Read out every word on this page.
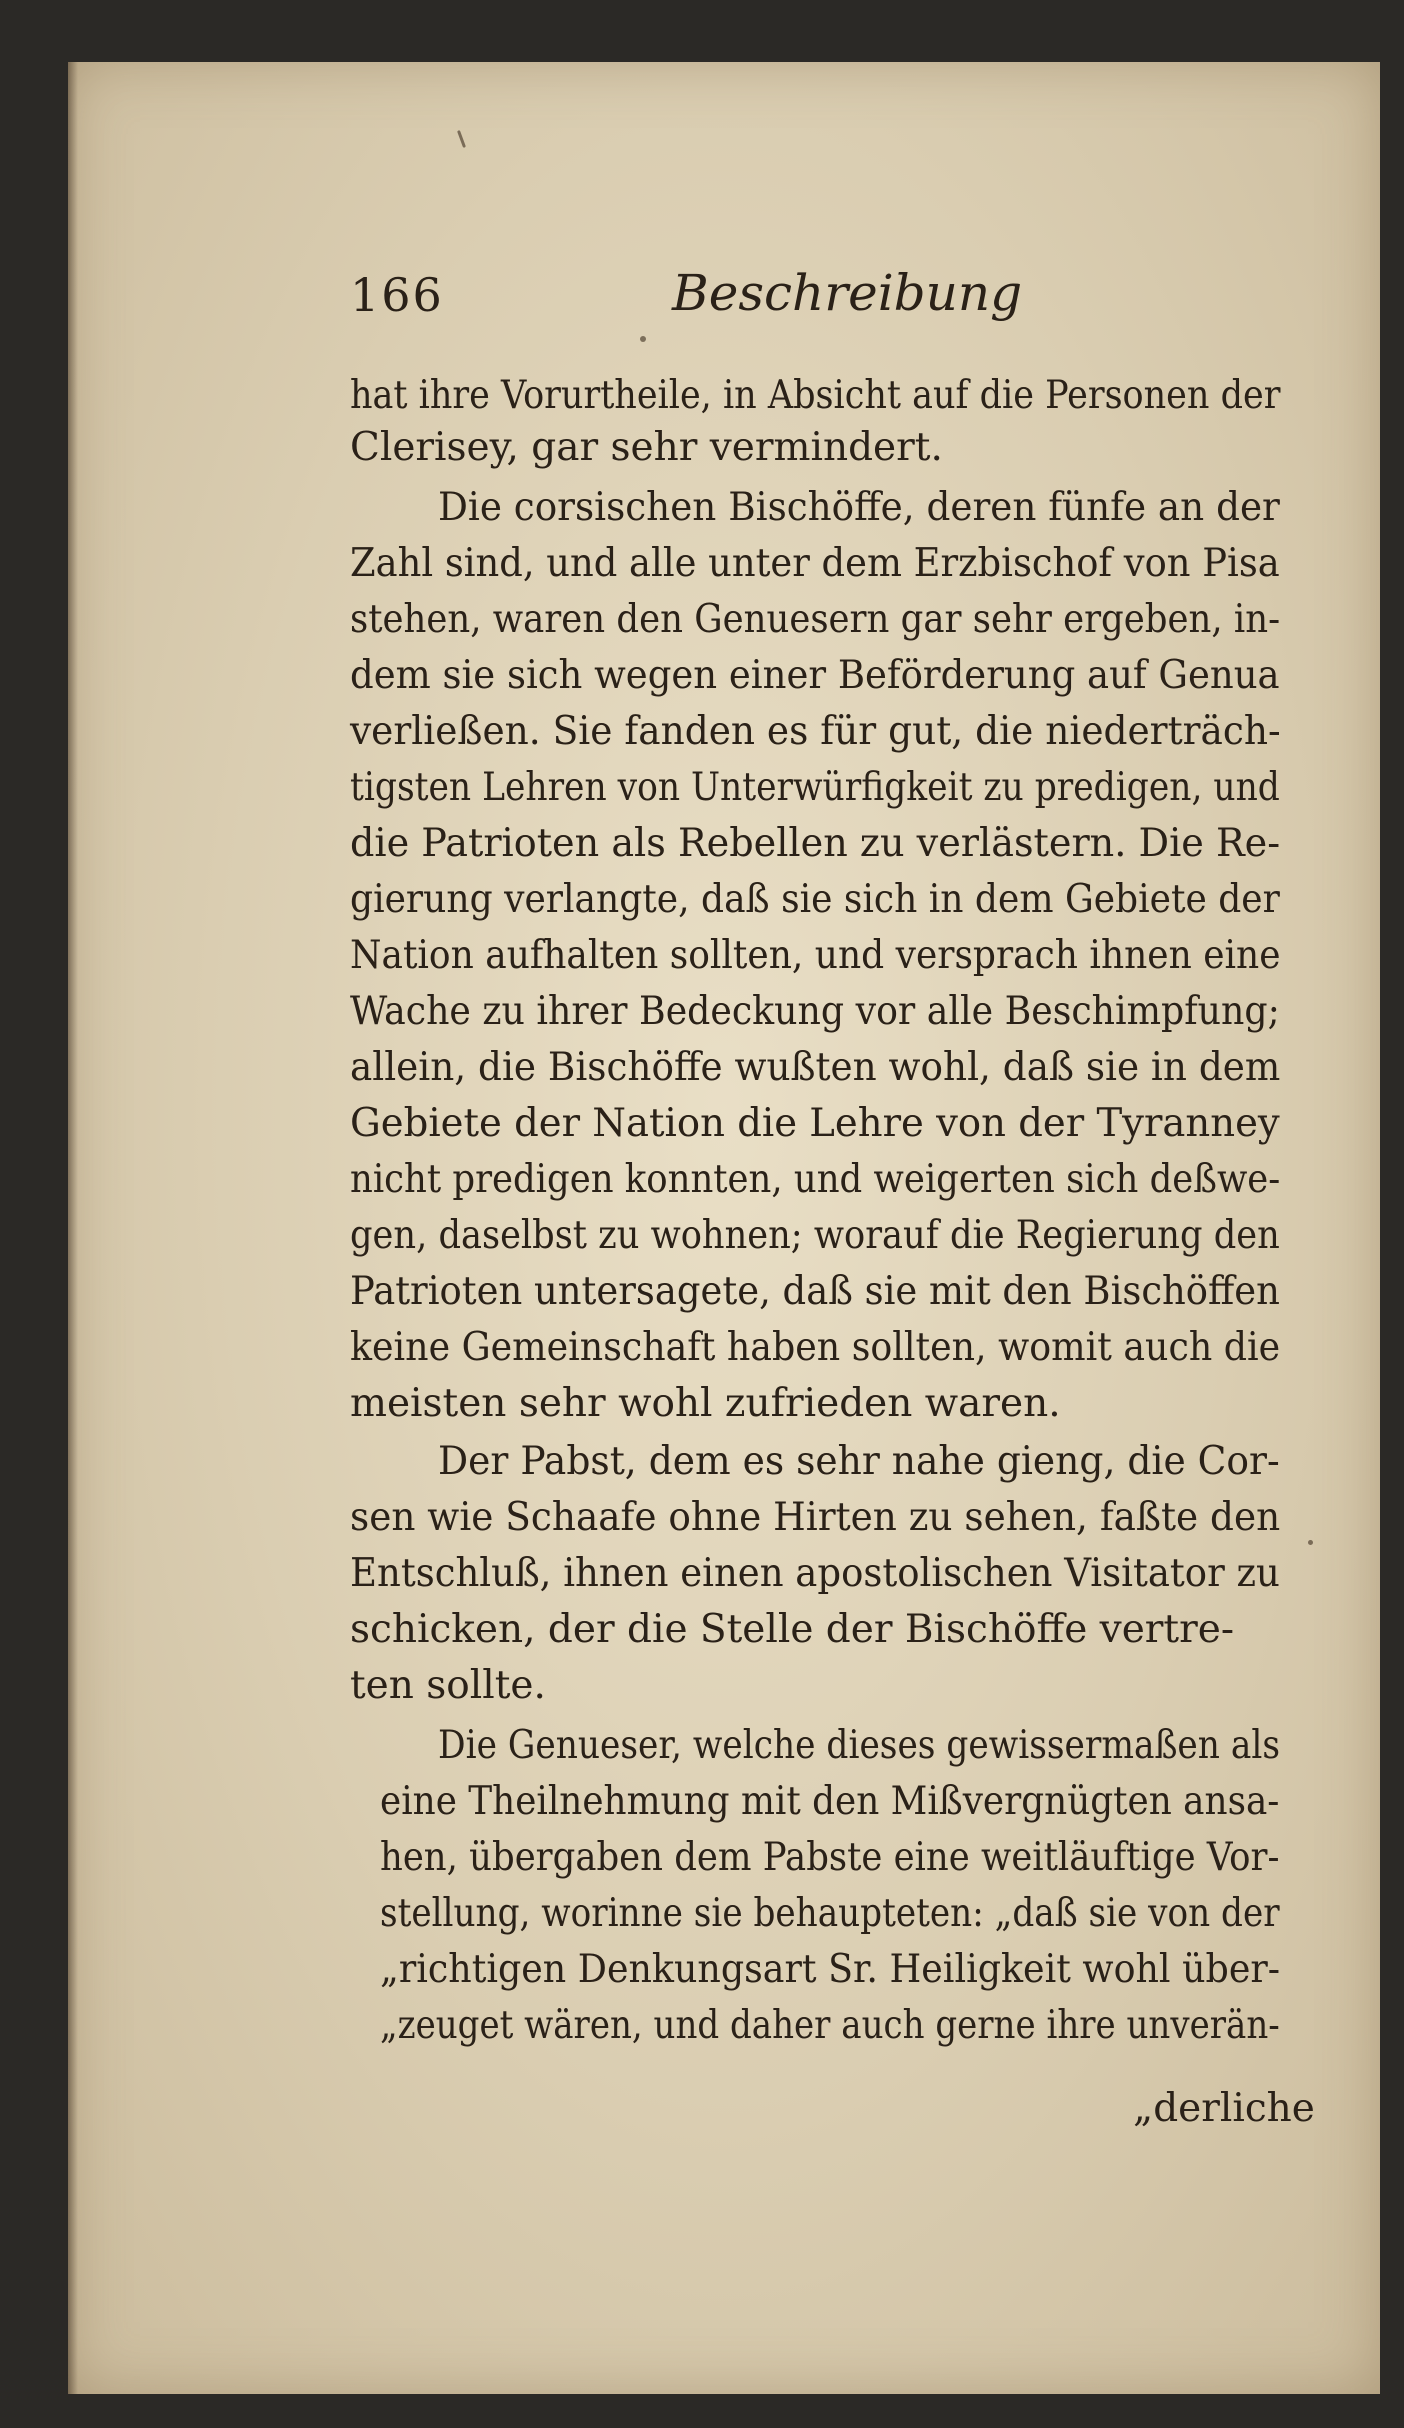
166	Beschreibung
hat ihre Vorurtheile, in Absicht auf die Personen der
Clerisey, gar sehr vermindert.
Die corsischen Bischöffe, deren fünfe an der
Zahl sind, und alle unter dem Erzbischof von Pisa
stehen, waren den Genuesern gar sehr ergeben, in-
dem sie sich wegen einer Beförderung auf Genua
verließen. Sie fanden es für gut, die niederträch-
tigsten Lehren von Unterwürfigkeit zu predigen, und
die Patrioten als Rebellen zu verlästern. Die Re-
gierung verlangte, daß sie sich in dem Gebiete der
Nation aufhalten sollten, und versprach ihnen eine
Wache zu ihrer Bedeckung vor alle Beschimpfung;
allein, die Bischöffe wußten wohl, daß sie in dem
Gebiete der Nation die Lehre von der Tyranney
nicht predigen konnten, und weigerten sich deßwe-
gen, daselbst zu wohnen; worauf die Regierung den
Patrioten untersagete, daß sie mit den Bischöffen
keine Gemeinschaft haben sollten, womit auch die
meisten sehr wohl zufrieden waren.
Der Pabst, dem es sehr nahe gieng, die Cor-
sen wie Schaafe ohne Hirten zu sehen, faßte den
Entschluß, ihnen einen apostolischen Visitator zu
schicken, der die Stelle der Bischöffe vertre-
ten sollte.
Die Genueser, welche dieses gewissermaßen als
eine Theilnehmung mit den Mißvergnügten ansa-
hen, übergaben dem Pabste eine weitläuftige Vor-
stellung, worinne sie behaupteten: „daß sie von der
„richtigen Denkungsart Sr. Heiligkeit wohl über-
„zeuget wären, und daher auch gerne ihre unverän-
„derliche
